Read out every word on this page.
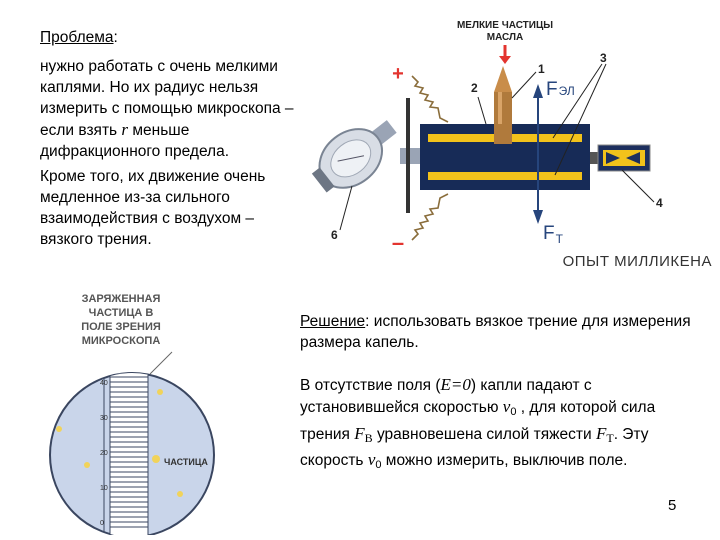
Проблема:

нужно работать с очень мелкими каплями. Но их радиус нельзя измерить с помощью микроскопа – если взять r меньше дифракционного предела.

Кроме того, их движение очень медленное из-за сильного взаимодействия с воздухом – вязкого трения.

Решение: использовать вязкое трение для измерения размера капель.

В отсутствие поля (E=0) капли падают с установившейся скоростью $v_0$ , для которой сила трения FВ уравновешена силой тяжести FТ. Эту скорость $v_0$ можно измерить, выключив поле.

МЕЛКИЕ ЧАСТИЦЫ
МАСЛА
+
–
1
2
3
4
6
FЭЛ
$F_Т$
ОПЫТ МИЛЛИКЕНА
ЗАРЯЖЕННАЯ
ЧАСТИЦА В
ПОЛЕ ЗРЕНИЯ
МИКРОСКОПА
40
30
20
10
0
ЧАСТИЦА
5
